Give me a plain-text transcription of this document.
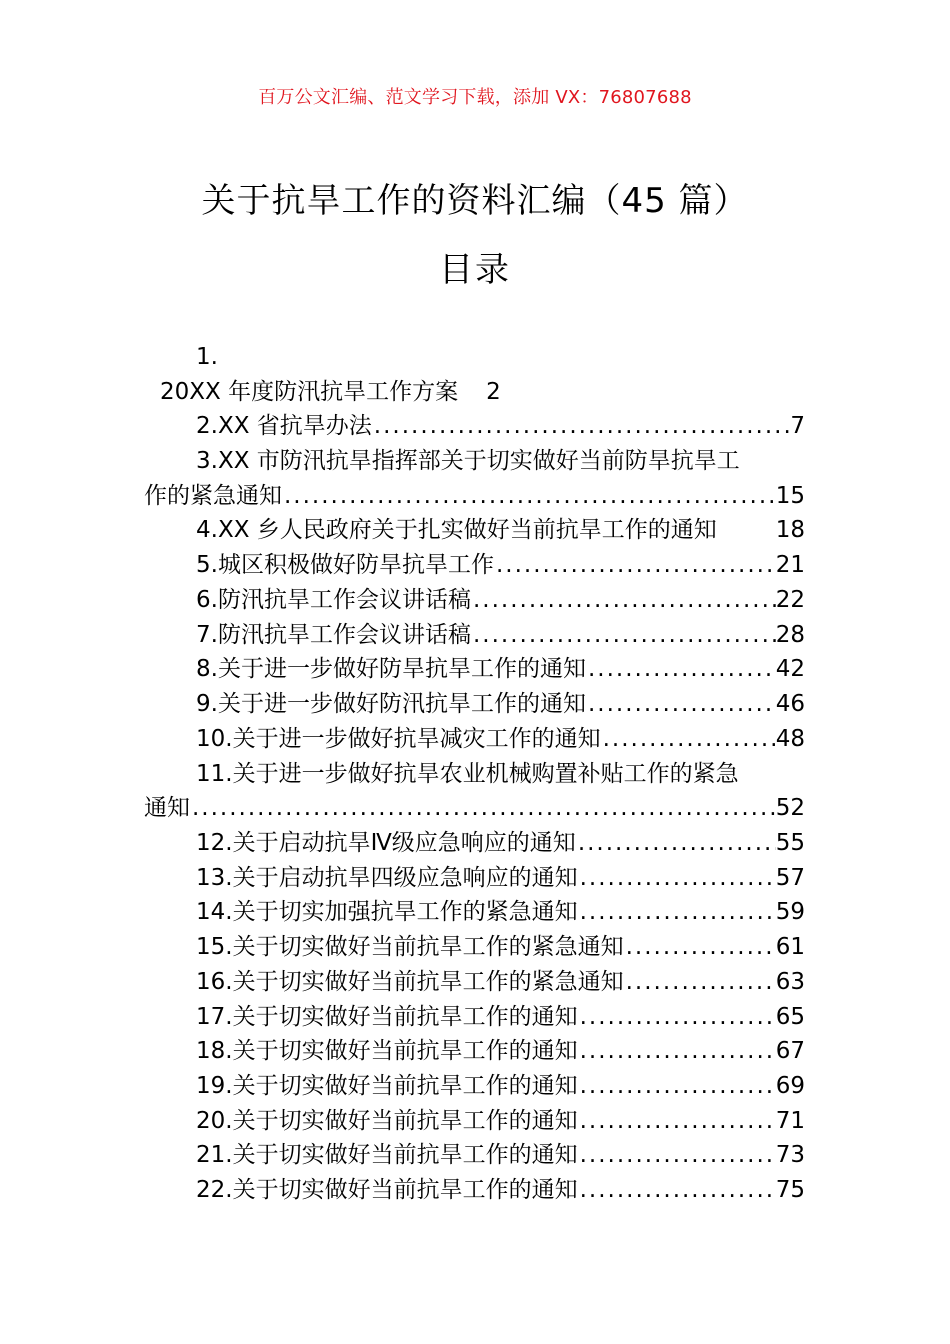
百万公文汇编、范文学习下载，添加 VX：76807688
关于抗旱工作的资料汇编（45 篇）
目录
1.
20XX 年度防汛抗旱工作方案 2
2.XX 省抗旱办法 .....	7
3.XX 市防汛抗旱指挥部关于切实做好当前防旱抗旱工
作的紧急通知 .....	15
4.XX 乡人民政府关于扎实做好当前抗旱工作的通知	18
5.城区积极做好防旱抗旱工作 .....	21
6.防汛抗旱工作会议讲话稿 .....	22
7.防汛抗旱工作会议讲话稿 .....	28
8.关于进一步做好防旱抗旱工作的通知 .....	42
9.关于进一步做好防汛抗旱工作的通知 .....	46
10.关于进一步做好抗旱减灾工作的通知 .....	48
11.关于进一步做好抗旱农业机械购置补贴工作的紧急
通知 .....	52
12.关于启动抗旱Ⅳ级应急响应的通知 .....	55
13.关于启动抗旱四级应急响应的通知 .....	57
14.关于切实加强抗旱工作的紧急通知 .....	59
15.关于切实做好当前抗旱工作的紧急通知 .....	61
16.关于切实做好当前抗旱工作的紧急通知 .....	63
17.关于切实做好当前抗旱工作的通知 .....	65
18.关于切实做好当前抗旱工作的通知 .....	67
19.关于切实做好当前抗旱工作的通知 .....	69
20.关于切实做好当前抗旱工作的通知 .....	71
21.关于切实做好当前抗旱工作的通知 .....	73
22.关于切实做好当前抗旱工作的通知 .....	75
